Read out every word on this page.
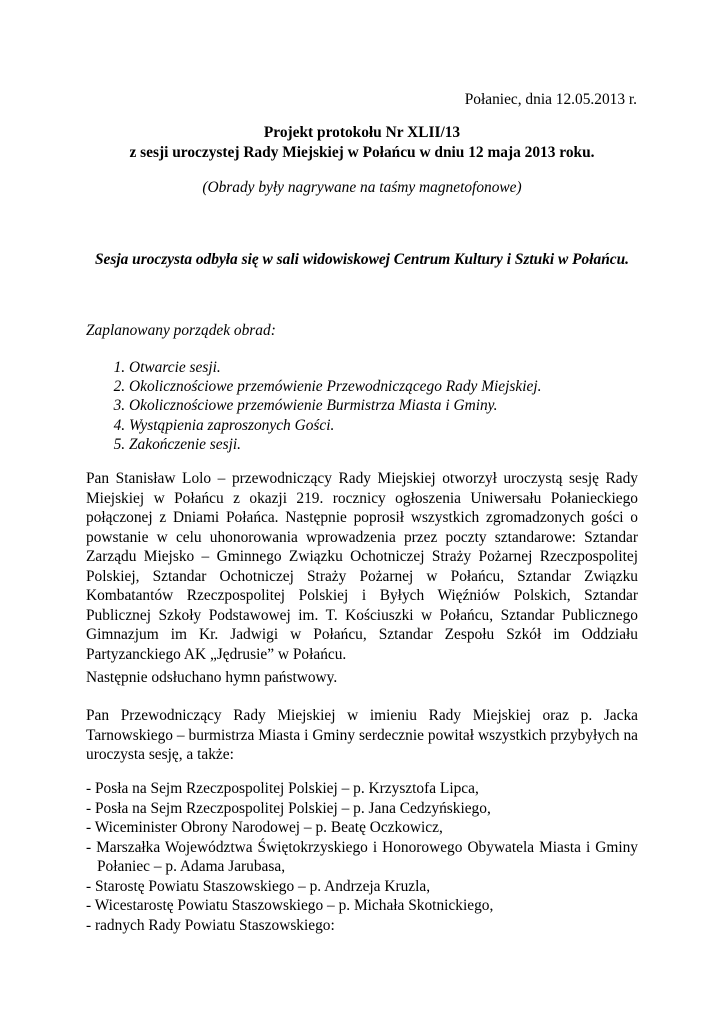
Połaniec, dnia 12.05.2013 r.

Projekt protokołu Nr XLII/13

z sesji uroczystej Rady Miejskiej w Połańcu w dniu 12 maja 2013 roku.

(Obrady były nagrywane na taśmy magnetofonowe)

Sesja uroczysta odbyła się w sali widowiskowej Centrum Kultury i Sztuki w Połańcu.

Zaplanowany porządek obrad:

1. Otwarcie sesji.
2. Okolicznościowe przemówienie Przewodniczącego Rady Miejskiej.
3. Okolicznościowe przemówienie Burmistrza Miasta i Gminy.
4. Wystąpienia zaproszonych Gości.
5. Zakończenie sesji.

Pan Stanisław Lolo – przewodniczący Rady Miejskiej otworzył uroczystą sesję Rady Miejskiej w Połańcu z okazji 219. rocznicy ogłoszenia Uniwersału Połanieckiego połączonej z Dniami Połańca. Następnie poprosił wszystkich zgromadzonych gości o powstanie w celu uhonorowania wprowadzenia przez poczty sztandarowe: Sztandar Zarządu Miejsko – Gminnego Związku Ochotniczej Straży Pożarnej Rzeczpospolitej Polskiej, Sztandar Ochotniczej Straży Pożarnej w Połańcu, Sztandar Związku Kombatantów Rzeczpospolitej Polskiej i Byłych Więźniów Polskich, Sztandar Publicznej Szkoły Podstawowej im. T. Kościuszki w Połańcu, Sztandar Publicznego Gimnazjum im Kr. Jadwigi w Połańcu, Sztandar Zespołu Szkół im Oddziału Partyzanckiego AK „Jędrusie” w Połańcu.

Następnie odsłuchano hymn państwowy.

Pan Przewodniczący Rady Miejskiej w imieniu Rady Miejskiej oraz p. Jacka Tarnowskiego – burmistrza Miasta i Gminy serdecznie powitał wszystkich przybyłych na uroczysta sesję, a także:

- Posła na Sejm Rzeczpospolitej Polskiej – p. Krzysztofa Lipca,
- Posła na Sejm Rzeczpospolitej Polskiej – p. Jana Cedzyńskiego,
- Wiceminister Obrony Narodowej – p. Beatę Oczkowicz,
- Marszałka Województwa Świętokrzyskiego i Honorowego Obywatela Miasta i Gminy Połaniec – p. Adama Jarubasa,
- Starostę Powiatu Staszowskiego – p. Andrzeja Kruzla,
- Wicestarostę Powiatu Staszowskiego – p. Michała Skotnickiego,
- radnych Rady Powiatu Staszowskiego:
